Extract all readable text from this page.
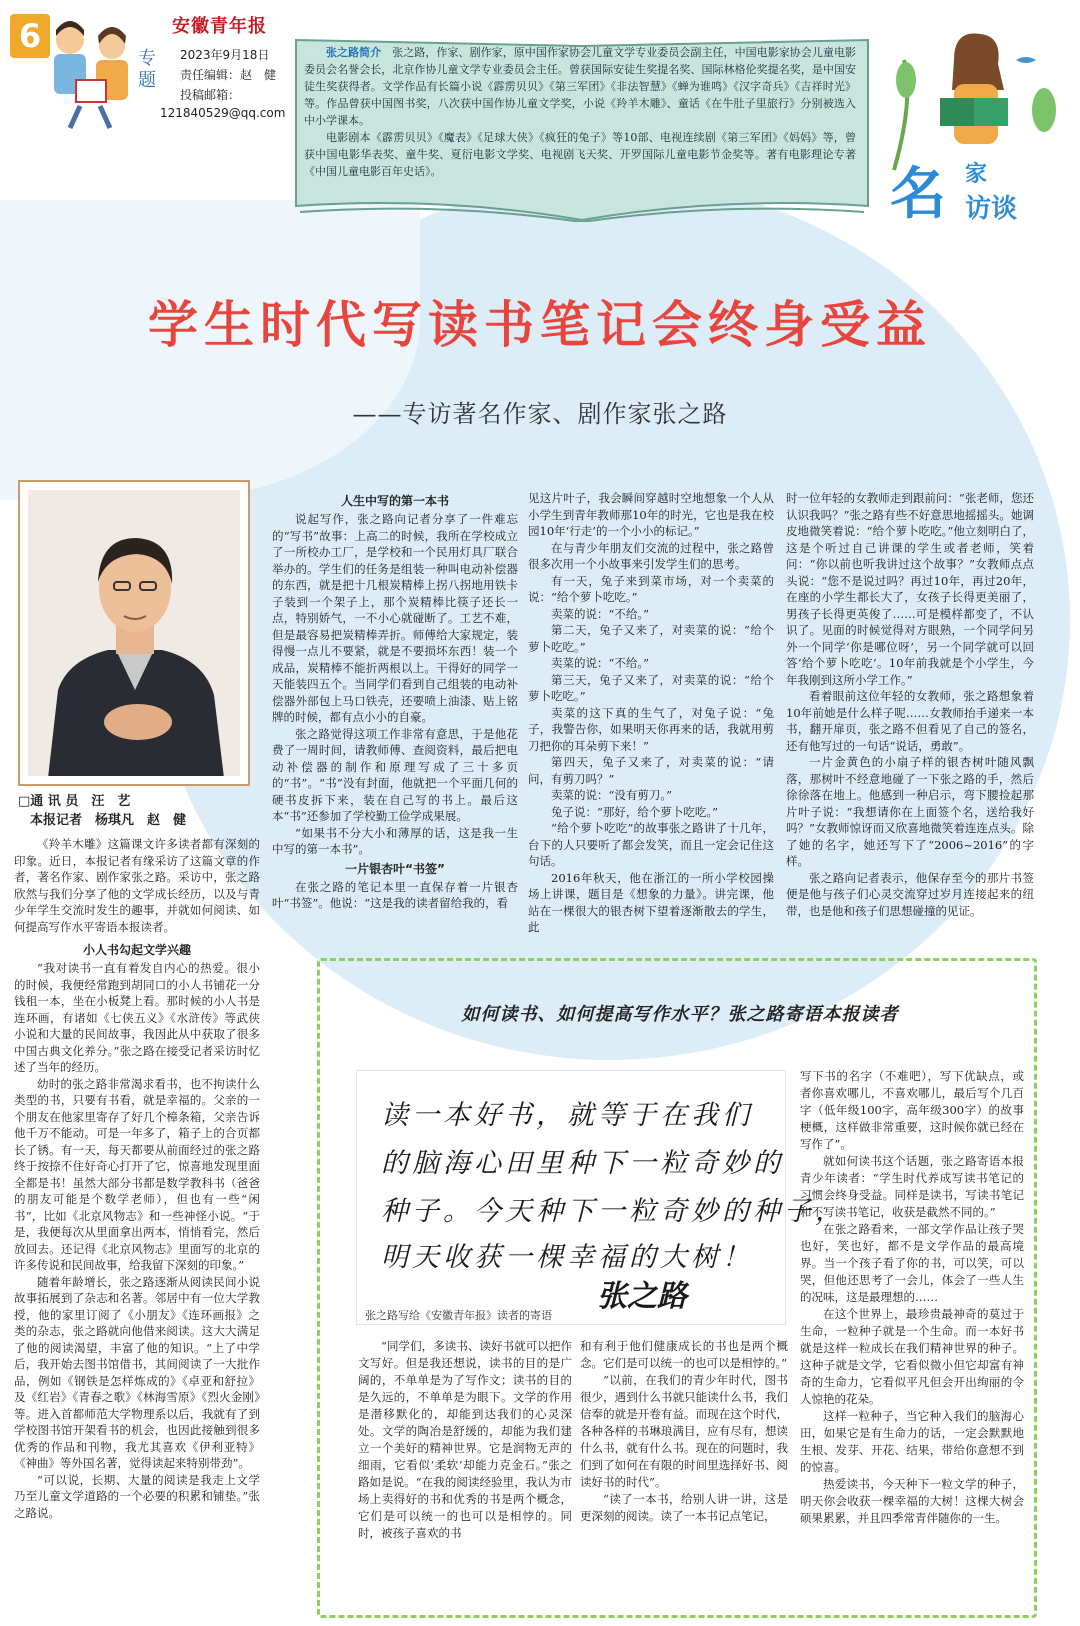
6	安徽青年报
专题
2023年9月18日
责任编辑：赵　健
投稿邮箱：
121840529@qq.com

张之路简介　 张之路，作家、剧作家，原中国作家协会儿童文学专业委员会副主任，中国电影家协会儿童电影委员会名誉会长，北京作协儿童文学专业委员会主任。曾获国际安徒生奖提名奖、国际林格伦奖提名奖，是中国安徒生奖获得者。文学作品有长篇小说《霹雳贝贝》《第三军团》《非法智慧》《蝉为谁鸣》《汉字奇兵》《吉祥时光》等。作品曾获中国图书奖，八次获中国作协儿童文学奖，小说《羚羊木雕》、童话《在牛肚子里旅行》分别被选入中小学课本。

电影剧本《霹雳贝贝》《魔表》《足球大侠》《疯狂的兔子》等10部、电视连续剧《第三军团》《妈妈》等，曾获中国电影华表奖、童牛奖、夏衍电影文学奖、电视剧飞天奖、开罗国际儿童电影节金奖等。著有电影理论专著《中国儿童电影百年史话》。	名 家
访谈
学生时代写读书笔记会终身受益
——专访著名作家、剧作家张之路
□通 讯 员　汪　艺
本报记者　杨琪凡　赵　健

《羚羊木雕》这篇课文许多读者都有深刻的印象。近日，本报记者有缘采访了这篇文章的作者，著名作家、剧作家张之路。采访中，张之路欣然与我们分享了他的文学成长经历，以及与青少年学生交流时发生的趣事，并就如何阅读、如何提高写作水平寄语本报读者。

小人书勾起文学兴趣

“我对读书一直有着发自内心的热爱。很小的时候，我便经常跑到胡同口的小人书铺花一分钱租一本，坐在小板凳上看。那时候的小人书是连环画，有诸如《七侠五义》《水浒传》等武侠小说和大量的民间故事，我因此从中获取了很多中国古典文化养分。”张之路在接受记者采访时忆述了当年的经历。

幼时的张之路非常渴求看书，也不拘读什么类型的书，只要有书看，就是幸福的。父亲的一个朋友在他家里寄存了好几个樟条箱，父亲告诉他千万不能动。可是一年多了，箱子上的合页都长了锈。有一天，每天都要从前面经过的张之路终于按捺不住好奇心打开了它，惊喜地发现里面全都是书！虽然大部分书都是数学教科书（爸爸的朋友可能是个数学老师），但也有一些“闲书”，比如《北京风物志》和一些神怪小说。“于是，我便每次从里面拿出两本，悄悄看完，然后放回去。还记得《北京风物志》里面写的北京的许多传说和民间故事，给我留下深刻的印象。”

随着年龄增长，张之路逐渐从阅读民间小说故事拓展到了杂志和名著。邻居中有一位大学教授，他的家里订阅了《小朋友》《连环画报》之类的杂志，张之路就向他借来阅读。这大大满足了他的阅读渴望，丰富了他的知识。“上了中学后，我开始去图书馆借书，其间阅读了一大批作品，例如《钢铁是怎样炼成的》《卓亚和舒拉》及《红岩》《青春之歌》《林海雪原》《烈火金刚》等。进入首都师范大学物理系以后，我就有了到学校图书馆开架看书的机会，也因此接触到很多优秀的作品和刊物，我尤其喜欢《伊利亚特》《神曲》等外国名著，觉得读起来特别带劲”。

“可以说，长期、大量的阅读是我走上文学乃至儿童文学道路的一个必要的积累和铺垫。”张之路说。

人生中写的第一本书

说起写作，张之路向记者分享了一件难忘的“写书”故事：上高二的时候，我所在学校成立了一所校办工厂，是学校和一个民用灯具厂联合举办的。学生们的任务是组装一种叫电动补偿器的东西，就是把十几根炭精棒上拐八拐地用铁卡子装到一个架子上，那个炭精棒比筷子还长一点，特别娇气，一不小心就碰断了。工艺不难，但是最容易把炭精棒弄折。师傅给大家规定，装得慢一点儿不要紧，就是不要损坏东西！装一个成品，炭精棒不能折两根以上。干得好的同学一天能装四五个。当同学们看到自己组装的电动补偿器外部包上马口铁壳，还要喷上油漆、贴上铭牌的时候，都有点小小的自豪。

张之路觉得这项工作非常有意思，于是他花费了一周时间，请教师傅、查阅资料，最后把电动补偿器的制作和原理写成了三十多页的“书”。“书”没有封面，他就把一个平面几何的硬书皮拆下来，装在自己写的书上。最后这本“书”还参加了学校勤工俭学成果展。

“如果书不分大小和薄厚的话，这是我一生中写的第一本书”。

一片银杏叶“书签”

在张之路的笔记本里一直保存着一片银杏叶“书签”。他说：“这是我的读者留给我的，看

见这片叶子，我会瞬间穿越时空地想象一个人从小学生到青年教师那10年的时光，它也是我在校园10年‘行走’的一个小小的标记。”

在与青少年朋友们交流的过程中，张之路曾很多次用一个小故事来引发学生们的思考。

有一天，兔子来到菜市场，对一个卖菜的说：“给个萝卜吃吃。”

卖菜的说：“不给。”

第二天，兔子又来了，对卖菜的说：“给个萝卜吃吃。”

卖菜的说：“不给。”

第三天，兔子又来了，对卖菜的说：“给个萝卜吃吃。”

卖菜的这下真的生气了，对兔子说：“兔子，我警告你，如果明天你再来的话，我就用剪刀把你的耳朵剪下来！”

第四天，兔子又来了，对卖菜的说：“请问，有剪刀吗？”

卖菜的说：“没有剪刀。”

兔子说：“那好，给个萝卜吃吃。”

“给个萝卜吃吃”的故事张之路讲了十几年，台下的人只要听了都会发笑，而且一定会记住这句话。

2016年秋天，他在浙江的一所小学校园操场上讲课，题目是《想象的力量》。讲完课，他站在一棵很大的银杏树下望着逐渐散去的学生，此

时一位年轻的女教师走到跟前问：“张老师，您还认识我吗？”张之路有些不好意思地摇摇头。她调皮地微笑着说：“给个萝卜吃吃。”他立刻明白了，这是个听过自己讲课的学生或者老师，笑着问：“你以前也听我讲过这个故事？”女教师点点头说：“您不是说过吗？再过10年，再过20年，在座的小学生都长大了，女孩子长得更美丽了，男孩子长得更英俊了……可是模样都变了，不认识了。见面的时候觉得对方眼熟，一个同学问另外一个同学‘你是哪位呀’，另一个同学就可以回答‘给个萝卜吃吃’。10年前我就是个小学生，今年我刚到这所小学工作。”

看着眼前这位年轻的女教师，张之路想象着10年前她是什么样子呢……女教师抬手递来一本书，翻开扉页，张之路不但看见了自己的签名，还有他写过的一句话“说话，勇敢”。

一片金黄色的小扇子样的银杏树叶随风飘落，那树叶不经意地碰了一下张之路的手，然后徐徐落在地上。他感到一种启示，弯下腰捡起那片叶子说：“我想请你在上面签个名，送给我好吗？”女教师惊讶而又欣喜地微笑着连连点头。除了她的名字，她还写下了“2006~2016”的字样。

张之路向记者表示，他保存至今的那片书签便是他与孩子们心灵交流穿过岁月连接起来的纽带，也是他和孩子们思想碰撞的见证。

如何读书、如何提高写作水平？张之路寄语本报读者
读一本好书，就等于在我们
的脑海心田里种下一粒奇妙的
种子。今天种下一粒奇妙的种子，
明天收获一棵幸福的大树！
张之路
张之路写给《安徽青年报》读者的寄语

“同学们，多读书、读好书就可以把作文写好。但是我还想说，读书的目的是广阔的，不单单是为了写作文；读书的目的是久远的，不单单是为眼下。文学的作用是潜移默化的，却能到达我们的心灵深处。文学的陶冶是舒缓的，却能为我们建立一个美好的精神世界。它是润物无声的细雨，它看似‘柔软’却能力克金石。”张之路如是说。“在我的阅读经验里，我认为市场上卖得好的书和优秀的书是两个概念，它们是可以统一的也可以是相悖的。同时，被孩子喜欢的书

和有利于他们健康成长的书也是两个概念。它们是可以统一的也可以是相悖的。”

“以前，在我们的青少年时代，图书很少，遇到什么书就只能读什么书，我们信奉的就是开卷有益。而现在这个时代，各种各样的书琳琅满目，应有尽有，想读什么书，就有什么书。现在的问题时，我们到了如何在有限的时间里选择好书、阅读好书的时代”。

“读了一本书，给别人讲一讲，这是更深刻的阅读。读了一本书记点笔记，

写下书的名字（不难吧），写下优缺点，或者你喜欢哪儿，不喜欢哪儿，最后写个几百字（低年级100字，高年级300字）的故事梗概，这样做非常重要，这时候你就已经在写作了”。

就如何读书这个话题，张之路寄语本报青少年读者：“学生时代养成写读书笔记的习惯会终身受益。同样是读书，写读书笔记和不写读书笔记，收获是截然不同的。”

在张之路看来，一部文学作品让孩子哭也好，笑也好，都不是文学作品的最高境界。当一个孩子看了你的书，可以笑，可以哭，但他还思考了一会儿，体会了一些人生的况味，这是最理想的……

在这个世界上，最珍贵最神奇的莫过于生命，一粒种子就是一个生命。而一本好书就是这样一粒成长在我们精神世界的种子。这种子就是文学，它看似微小但它却富有神奇的生命力，它看似平凡但会开出绚丽的令人惊艳的花朵。

这样一粒种子，当它种入我们的脑海心田，如果它是有生命力的话，一定会默默地生根、发芽、开花、结果，带给你意想不到的惊喜。

热爱读书，今天种下一粒文学的种子，明天你会收获一棵幸福的大树！这棵大树会硕果累累，并且四季常青伴随你的一生。
